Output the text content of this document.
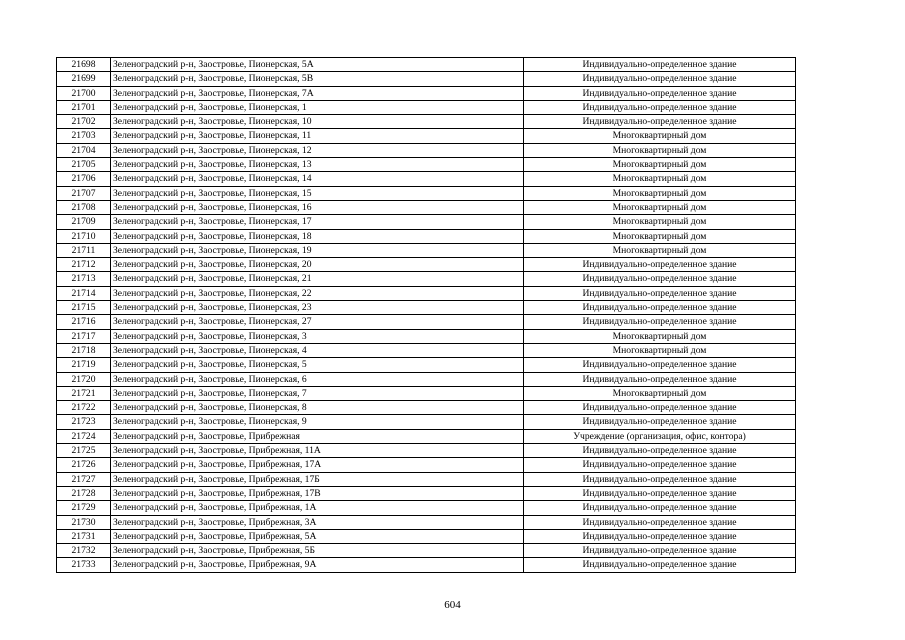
21698	Зеленоградский р-н, Заостровье, Пионерская, 5А	Индивидуально-определенное здание
21699	Зеленоградский р-н, Заостровье, Пионерская, 5В	Индивидуально-определенное здание
21700	Зеленоградский р-н, Заостровье, Пионерская, 7А	Индивидуально-определенное здание
21701	Зеленоградский р-н, Заостровье, Пионерская, 1	Индивидуально-определенное здание
21702	Зеленоградский р-н, Заостровье, Пионерская, 10	Индивидуально-определенное здание
21703	Зеленоградский р-н, Заостровье, Пионерская, 11	Многоквартирный дом
21704	Зеленоградский р-н, Заостровье, Пионерская, 12	Многоквартирный дом
21705	Зеленоградский р-н, Заостровье, Пионерская, 13	Многоквартирный дом
21706	Зеленоградский р-н, Заостровье, Пионерская, 14	Многоквартирный дом
21707	Зеленоградский р-н, Заостровье, Пионерская, 15	Многоквартирный дом
21708	Зеленоградский р-н, Заостровье, Пионерская, 16	Многоквартирный дом
21709	Зеленоградский р-н, Заостровье, Пионерская, 17	Многоквартирный дом
21710	Зеленоградский р-н, Заостровье, Пионерская, 18	Многоквартирный дом
21711	Зеленоградский р-н, Заостровье, Пионерская, 19	Многоквартирный дом
21712	Зеленоградский р-н, Заостровье, Пионерская, 20	Индивидуально-определенное здание
21713	Зеленоградский р-н, Заостровье, Пионерская, 21	Индивидуально-определенное здание
21714	Зеленоградский р-н, Заостровье, Пионерская, 22	Индивидуально-определенное здание
21715	Зеленоградский р-н, Заостровье, Пионерская, 23	Индивидуально-определенное здание
21716	Зеленоградский р-н, Заостровье, Пионерская, 27	Индивидуально-определенное здание
21717	Зеленоградский р-н, Заостровье, Пионерская, 3	Многоквартирный дом
21718	Зеленоградский р-н, Заостровье, Пионерская, 4	Многоквартирный дом
21719	Зеленоградский р-н, Заостровье, Пионерская, 5	Индивидуально-определенное здание
21720	Зеленоградский р-н, Заостровье, Пионерская, 6	Индивидуально-определенное здание
21721	Зеленоградский р-н, Заостровье, Пионерская, 7	Многоквартирный дом
21722	Зеленоградский р-н, Заостровье, Пионерская, 8	Индивидуально-определенное здание
21723	Зеленоградский р-н, Заостровье, Пионерская, 9	Индивидуально-определенное здание
21724	Зеленоградский р-н, Заостровье, Прибрежная	Учреждение (организация, офис, контора)
21725	Зеленоградский р-н, Заостровье, Прибрежная, 11А	Индивидуально-определенное здание
21726	Зеленоградский р-н, Заостровье, Прибрежная, 17А	Индивидуально-определенное здание
21727	Зеленоградский р-н, Заостровье, Прибрежная, 17Б	Индивидуально-определенное здание
21728	Зеленоградский р-н, Заостровье, Прибрежная, 17В	Индивидуально-определенное здание
21729	Зеленоградский р-н, Заостровье, Прибрежная, 1А	Индивидуально-определенное здание
21730	Зеленоградский р-н, Заостровье, Прибрежная, 3А	Индивидуально-определенное здание
21731	Зеленоградский р-н, Заостровье, Прибрежная, 5А	Индивидуально-определенное здание
21732	Зеленоградский р-н, Заостровье, Прибрежная, 5Б	Индивидуально-определенное здание
21733	Зеленоградский р-н, Заостровье, Прибрежная, 9А	Индивидуально-определенное здание
604
